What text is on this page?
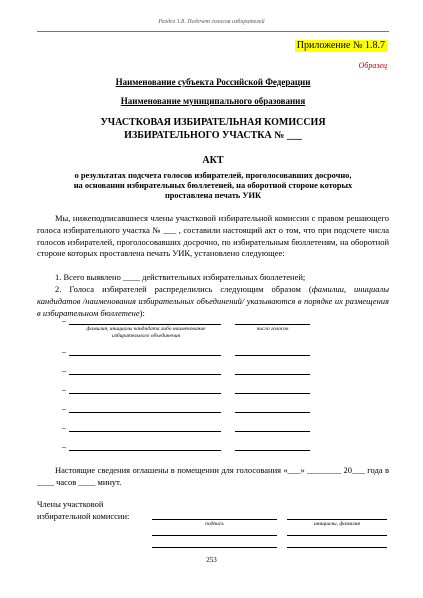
Раздел 1.8. Подсчет голосов избирателей
Приложение № 1.8.7
Образец
Наименование субъекта Российской Федерации
Наименование муниципального образования
УЧАСТКОВАЯ ИЗБИРАТЕЛЬНАЯ КОМИССИЯ
ИЗБИРАТЕЛЬНОГО УЧАСТКА № ___
АКТ
о результатах подсчета голосов избирателей, проголосовавших досрочно,
на основании избирательных бюллетеней, на оборотной стороне которых
проставлена печать УИК
Мы, нижеподписавшиеся члены участковой избирательной комиссии с правом решающего голоса избирательного участка № ___ , составили настоящий акт о том, что при подсчете числа голосов избирателей, проголосовавших досрочно, по избирательным бюллетеням, на оборотной стороне которых проставлена печать УИК, установлено следующее:
1. Всего выявлено ____ действительных избирательных бюллетеней;
2. Голоса избирателей распределились следующим образом (фамилии, инициалы кандидатов /наименования избирательных объединений/ указываются в порядке их размещения в избирательном бюллетене):
–
фамилия, инициалы кандидата либо наименование избирательного объединения
число голосов
–
–
–
–
–
–
Настоящие сведения оглашены в помещении для голосования «___» ________ 20___ года в ____ часов ____ минут.
Члены участковой избирательной комиссии:
подпись	инициалы, фамилия
253
